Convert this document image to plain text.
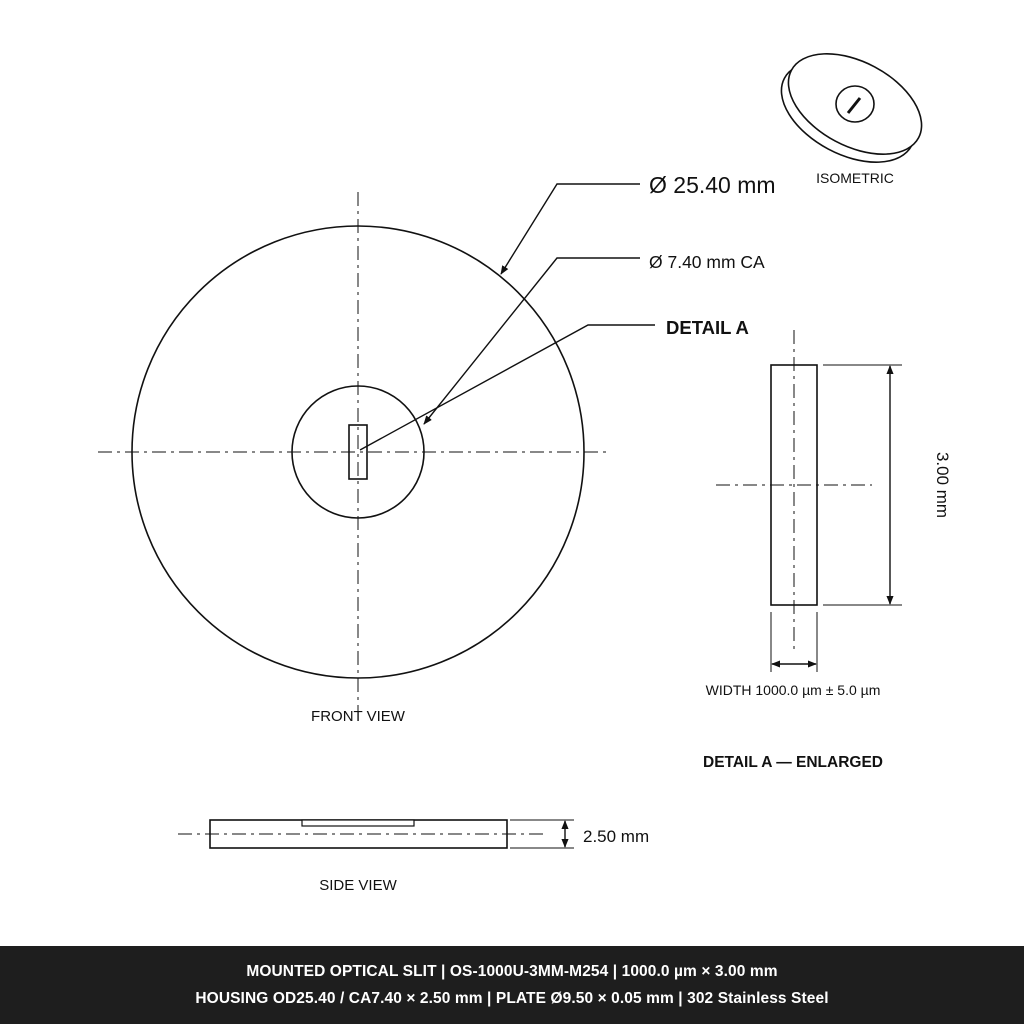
ISOMETRIC
FRONT VIEW
Ø 25.40 mm
Ø 7.40 mm CA
DETAIL A
3.00 mm
WIDTH 1000.0 µm ± 5.0 µm
DETAIL A — ENLARGED
2.50 mm
SIDE VIEW
MOUNTED OPTICAL SLIT | OS-1000U-3MM-M254 | 1000.0 µm × 3.00 mm
HOUSING OD25.40 / CA7.40 × 2.50 mm | PLATE Ø9.50 × 0.05 mm | 302 Stainless Steel
